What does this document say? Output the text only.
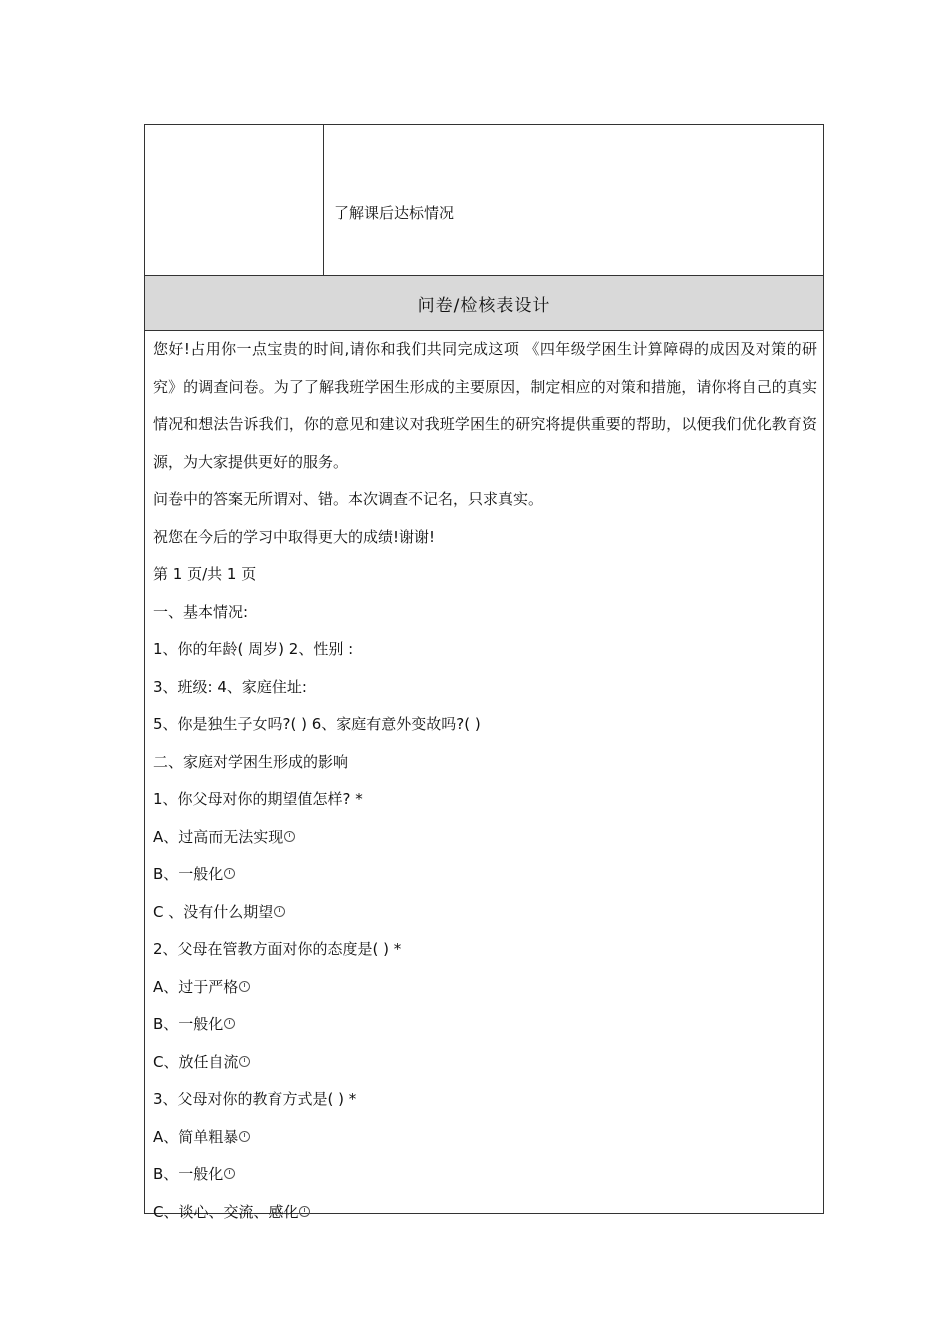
了解课后达标情况
问卷/检核表设计

您好!占用你一点宝贵的时间,请你和我们共同完成这项 《四年级学困生计算障碍的成因及对策的研究》的调查问卷。为了了解我班学困生形成的主要原因，制定相应的对策和措施，请你将自己的真实情况和想法告诉我们，你的意见和建议对我班学困生的研究将提供重要的帮助，以便我们优化教育资源，为大家提供更好的服务。

问卷中的答案无所谓对、错。本次调查不记名，只求真实。
祝您在今后的学习中取得更大的成绩!谢谢!
第 1 页/共 1 页
一、基本情况:
1、你的年龄( 周岁) 2、性别 :
3、班级: 4、家庭住址:
5、你是独生子女吗?( ) 6、家庭有意外变故吗?( )
二、家庭对学困生形成的影响
1、你父母对你的期望值怎样? *
A、过高而无法实现
B、一般化
C 、没有什么期望
2、父母在管教方面对你的态度是( ) *
A、过于严格
B、一般化
C、放任自流
3、父母对你的教育方式是( ) *
A、简单粗暴
B、一般化
C、谈心、交流、感化
